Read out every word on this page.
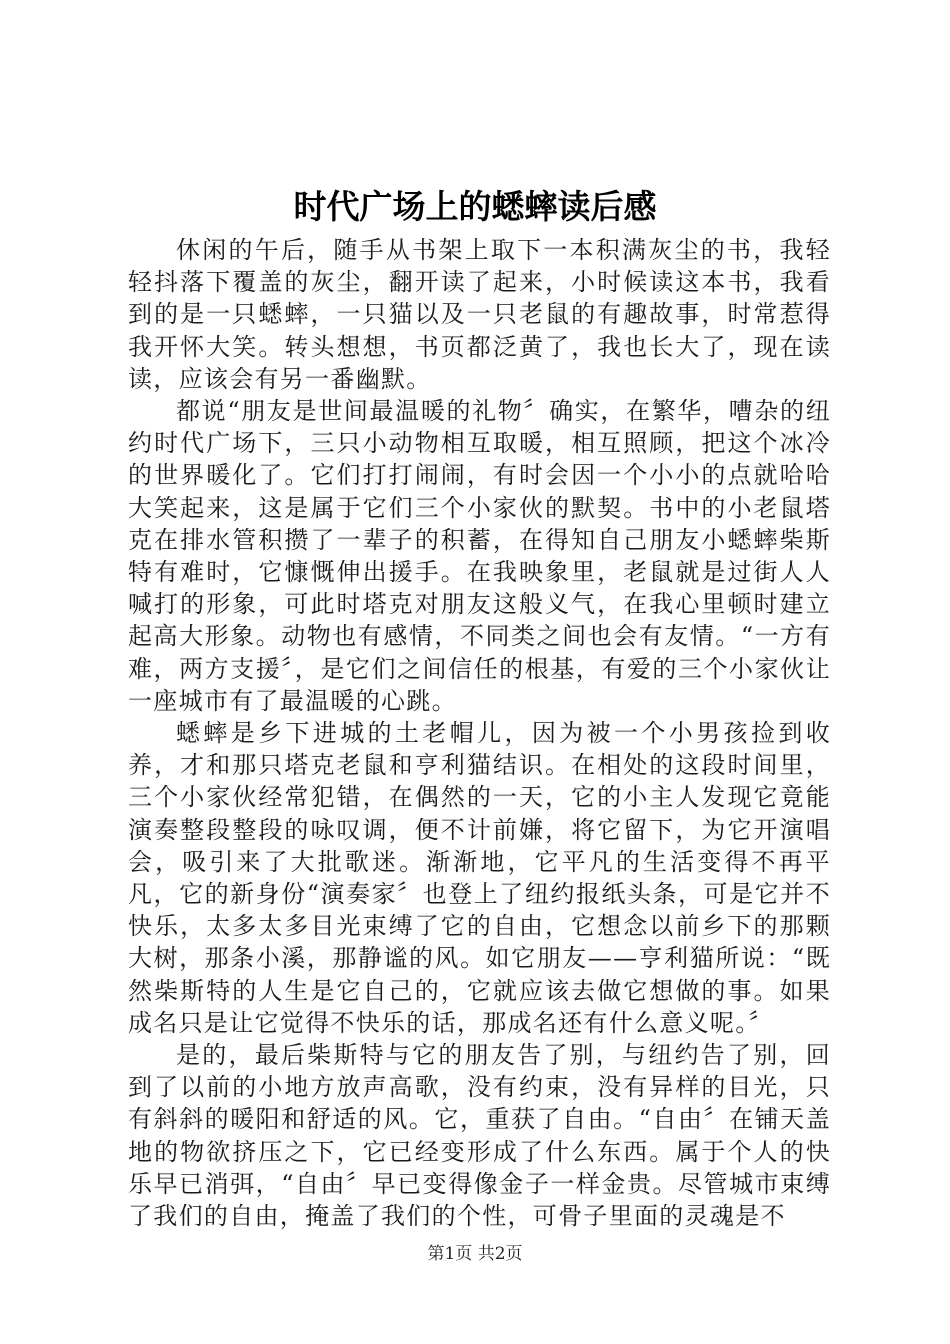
时代广场上的蟋蟀读后感

休闲的午后，随手从书架上取下一本积满灰尘的书，我轻轻抖落下覆盖的灰尘，翻开读了起来，小时候读这本书，我看到的是一只蟋蟀，一只猫以及一只老鼠的有趣故事，时常惹得我开怀大笑。转头想想，书页都泛黄了，我也长大了，现在读读，应该会有另一番幽默。

都说“朋友是世间最温暖的礼物〞确实，在繁华，嘈杂的纽约时代广场下，三只小动物相互取暖，相互照顾，把这个冰冷的世界暖化了。它们打打闹闹，有时会因一个小小的点就哈哈大笑起来，这是属于它们三个小家伙的默契。书中的小老鼠塔克在排水管积攒了一辈子的积蓄，在得知自己朋友小蟋蟀柴斯特有难时，它慷慨伸出援手。在我映象里，老鼠就是过街人人喊打的形象，可此时塔克对朋友这般义气，在我心里顿时建立起高大形象。动物也有感情，不同类之间也会有友情。“一方有难，两方支援〞，是它们之间信任的根基，有爱的三个小家伙让一座城市有了最温暖的心跳。

蟋蟀是乡下进城的土老帽儿，因为被一个小男孩捡到收养，才和那只塔克老鼠和亨利猫结识。在相处的这段时间里，三个小家伙经常犯错，在偶然的一天，它的小主人发现它竟能演奏整段整段的咏叹调，便不计前嫌，将它留下，为它开演唱会，吸引来了大批歌迷。渐渐地，它平凡的生活变得不再平凡，它的新身份“演奏家〞也登上了纽约报纸头条，可是它并不快乐，太多太多目光束缚了它的自由，它想念以前乡下的那颗大树，那条小溪，那静谧的风。如它朋友——亨利猫所说：“既然柴斯特的人生是它自己的，它就应该去做它想做的事。如果成名只是让它觉得不快乐的话，那成名还有什么意义呢。〞

是的，最后柴斯特与它的朋友告了别，与纽约告了别，回到了以前的小地方放声高歌，没有约束，没有异样的目光，只有斜斜的暖阳和舒适的风。它，重获了自由。“自由〞在铺天盖地的物欲挤压之下，它已经变形成了什么东西。属于个人的快乐早已消弭，“自由〞早已变得像金子一样金贵。尽管城市束缚了我们的自由，掩盖了我们的个性，可骨子里面的灵魂是不

第1页 共2页
